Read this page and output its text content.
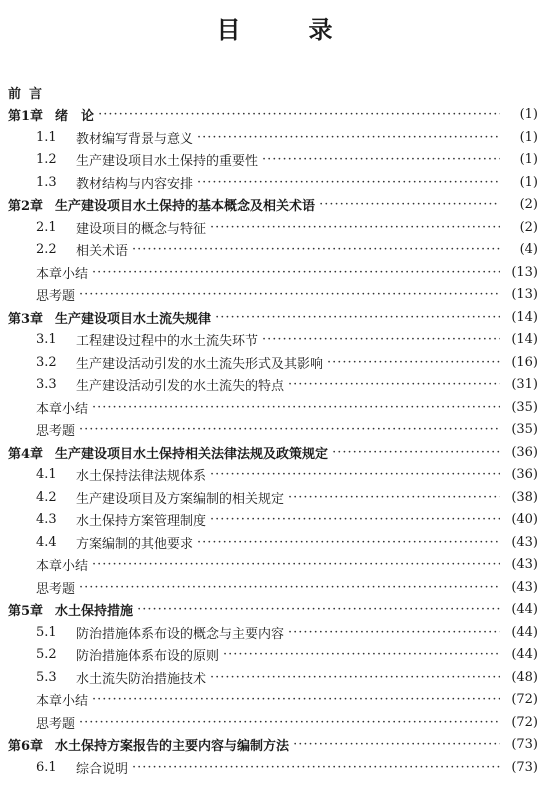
目　录
前言
第1章 绪　论 ·····	(1)
1.1	教材编写背景与意义 ·····	(1)
1.2	生产建设项目水土保持的重要性 ·····	(1)
1.3	教材结构与内容安排 ·····	(1)
第2章 生产建设项目水土保持的基本概念及相关术语 ·····	(2)
2.1	建设项目的概念与特征 ·····	(2)
2.2	相关术语 ·····	(4)
本章小结 ·····	(13)
思考题 ·····	(13)
第3章 生产建设项目水土流失规律 ·····	(14)
3.1	工程建设过程中的水土流失环节 ·····	(14)
3.2	生产建设活动引发的水土流失形式及其影响 ·····	(16)
3.3	生产建设活动引发的水土流失的特点 ·····	(31)
本章小结 ·····	(35)
思考题 ·····	(35)
第4章 生产建设项目水土保持相关法律法规及政策规定 ·····	(36)
4.1	水土保持法律法规体系 ·····	(36)
4.2	生产建设项目及方案编制的相关规定 ·····	(38)
4.3	水土保持方案管理制度 ·····	(40)
4.4	方案编制的其他要求 ·····	(43)
本章小结 ·····	(43)
思考题 ·····	(43)
第5章 水土保持措施 ·····	(44)
5.1	防治措施体系布设的概念与主要内容 ·····	(44)
5.2	防治措施体系布设的原则 ·····	(44)
5.3	水土流失防治措施技术 ·····	(48)
本章小结 ·····	(72)
思考题 ·····	(72)
第6章 水土保持方案报告的主要内容与编制方法 ·····	(73)
6.1	综合说明 ·····	(73)
